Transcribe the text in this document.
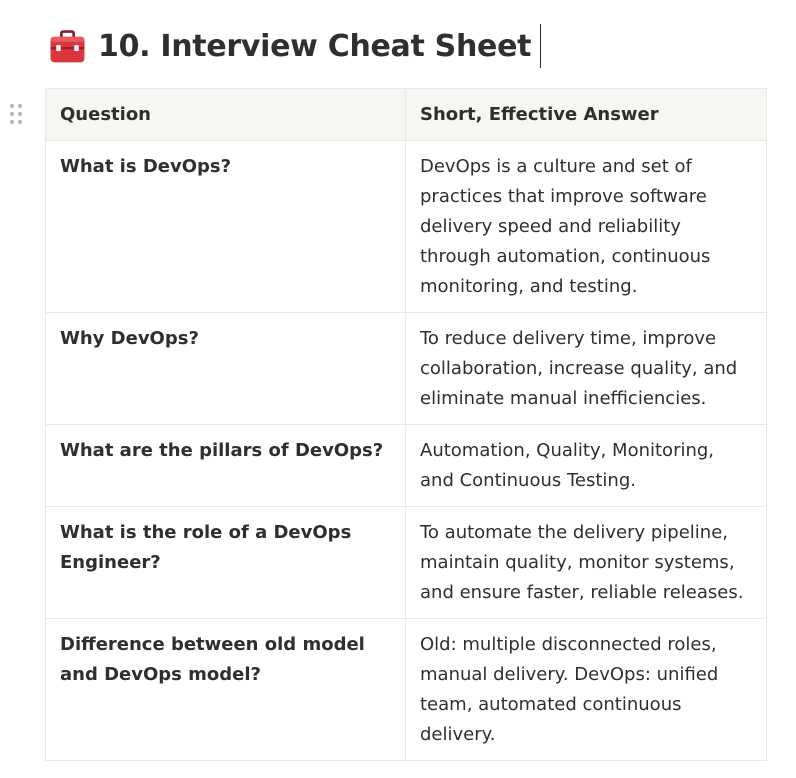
10. Interview Cheat Sheet
Question	Short, Effective Answer
What is DevOps?	DevOps is a culture and set of practices that improve software delivery speed and reliability through automation, continuous monitoring, and testing.
Why DevOps?	To reduce delivery time, improve collaboration, increase quality, and eliminate manual inefficiencies.
What are the pillars of DevOps?	Automation, Quality, Monitoring, and Continuous Testing.
What is the role of a DevOps Engineer?	To automate the delivery pipeline, maintain quality, monitor systems, and ensure faster, reliable releases.
Difference between old model and DevOps model?	Old: multiple disconnected roles, manual delivery. DevOps: unified team, automated continuous delivery.
